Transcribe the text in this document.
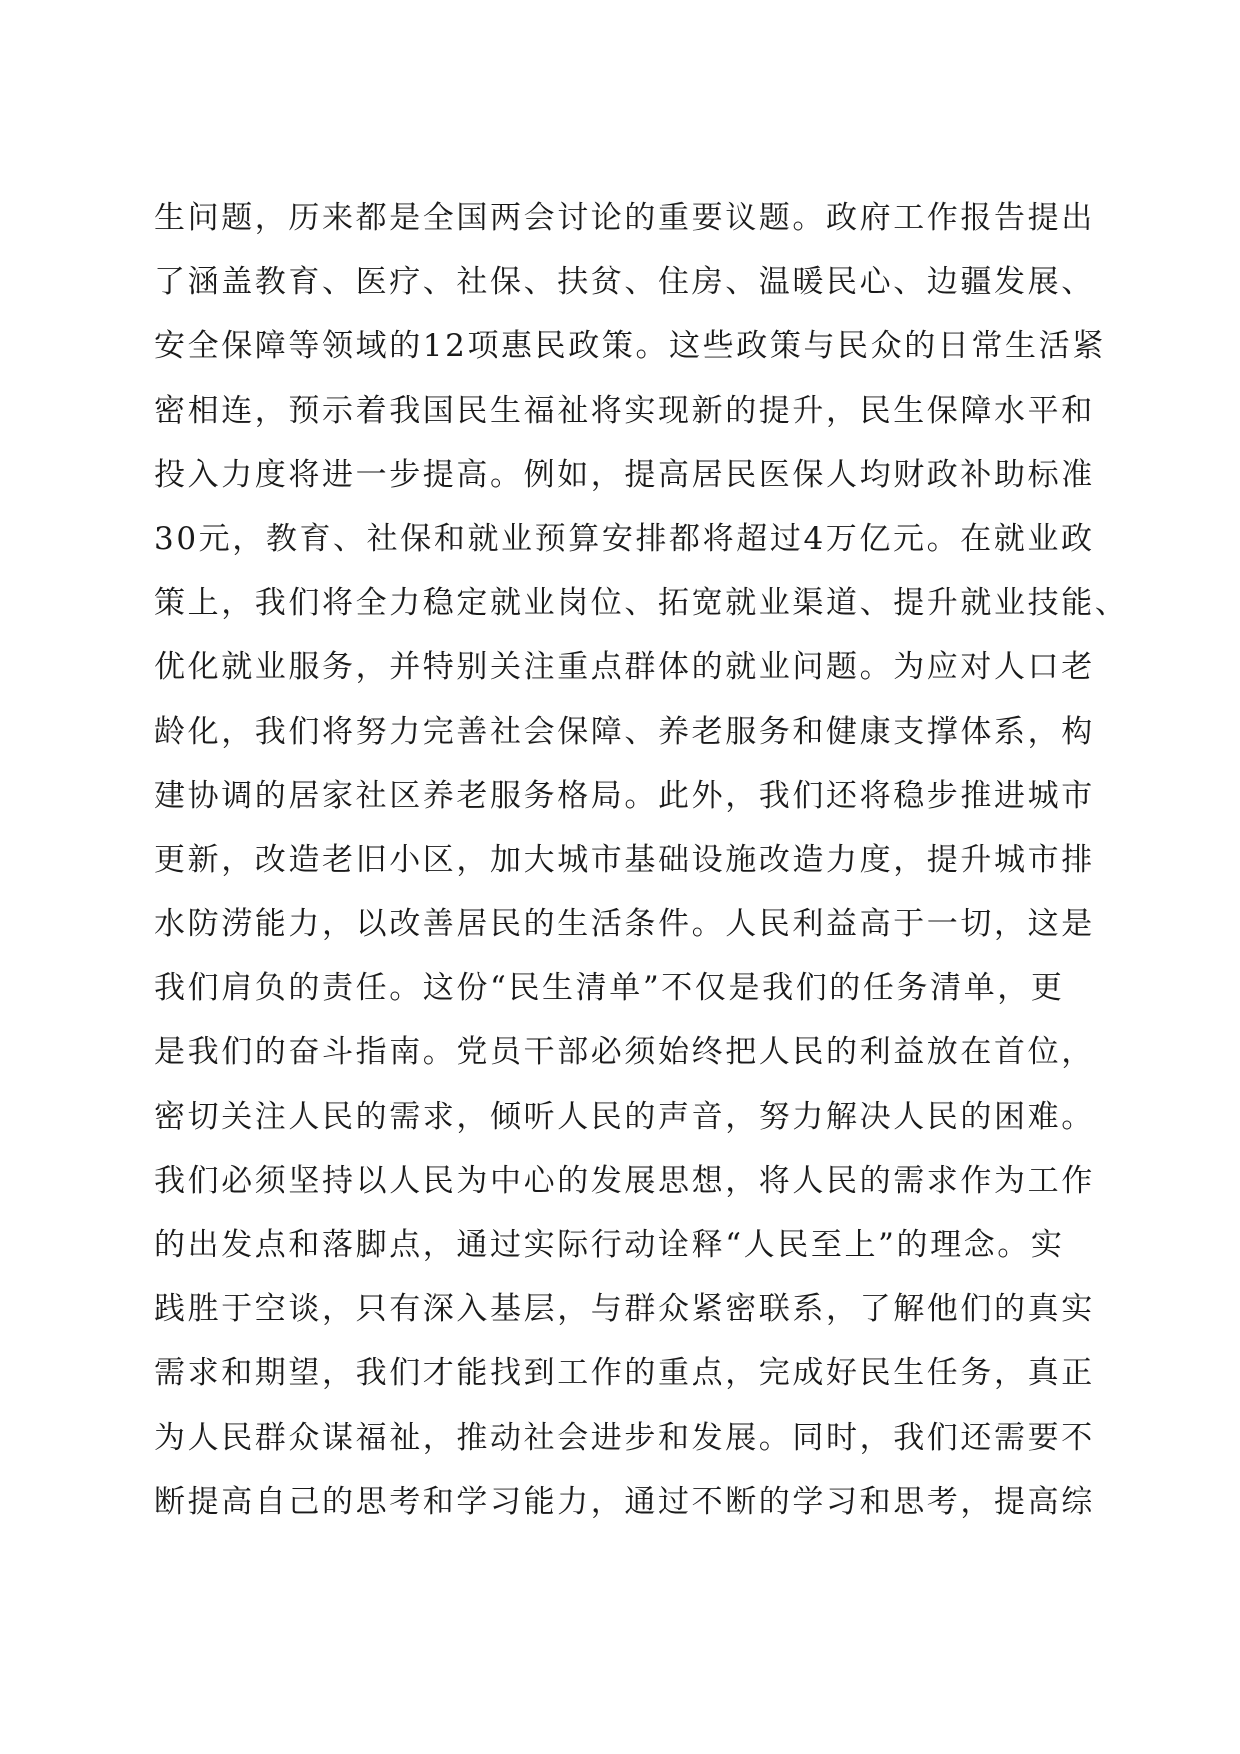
生问题，历来都是全国两会讨论的重要议题。政府工作报告提出
了涵盖教育、医疗、社保、扶贫、住房、温暖民心、边疆发展、
安全保障等领域的12项惠民政策。这些政策与民众的日常生活紧
密相连，预示着我国民生福祉将实现新的提升，民生保障水平和
投入力度将进一步提高。例如，提高居民医保人均财政补助标准
30元，教育、社保和就业预算安排都将超过4万亿元。在就业政
策上，我们将全力稳定就业岗位、拓宽就业渠道、提升就业技能、
优化就业服务，并特别关注重点群体的就业问题。为应对人口老
龄化，我们将努力完善社会保障、养老服务和健康支撑体系，构
建协调的居家社区养老服务格局。此外，我们还将稳步推进城市
更新，改造老旧小区，加大城市基础设施改造力度，提升城市排
水防涝能力，以改善居民的生活条件。人民利益高于一切，这是
我们肩负的责任。这份“民生清单”不仅是我们的任务清单，更
是我们的奋斗指南。党员干部必须始终把人民的利益放在首位，
密切关注人民的需求，倾听人民的声音，努力解决人民的困难。
我们必须坚持以人民为中心的发展思想，将人民的需求作为工作
的出发点和落脚点，通过实际行动诠释“人民至上”的理念。实
践胜于空谈，只有深入基层，与群众紧密联系，了解他们的真实
需求和期望，我们才能找到工作的重点，完成好民生任务，真正
为人民群众谋福祉，推动社会进步和发展。同时，我们还需要不
断提高自己的思考和学习能力，通过不断的学习和思考，提高综
